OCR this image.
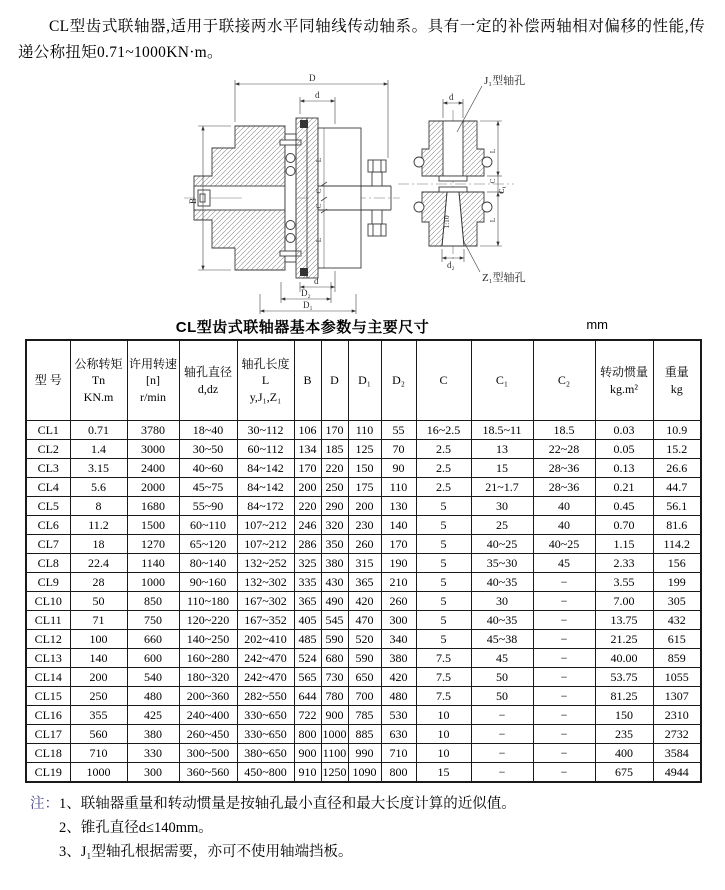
CL型齿式联轴器,适用于联接两水平同轴线传动轴系。具有一定的补偿两轴相对偏移的性能,传递公称扭矩0.71~1000KN·m。
D
d
B
L
C
C
L
d
D₂
D₁
d
d₂
1:10
L
C
C₁
L
J₁型轴孔
Z₁型轴孔
CL型齿式联轴器基本参数与主要尺寸	mm
型 号

公称转矩
Tn
KN.m

许用转速
[n]
r/min

轴孔直径
d,dz

轴孔长度
L
y,J₁,Z₁

B	D	D₁	D₂	C	C₁	C₂

转动惯量
kg.m²

重量
kg

CL1	0.71	3780	18~40	30~112	106	170	110	55	16~2.5	18.5~11	18.5	0.03	10.9
CL2	1.4	3000	30~50	60~112	134	185	125	70	2.5	13	22~28	0.05	15.2
CL3	3.15	2400	40~60	84~142	170	220	150	90	2.5	15	28~36	0.13	26.6
CL4	5.6	2000	45~75	84~142	200	250	175	110	2.5	21~1.7	28~36	0.21	44.7
CL5	8	1680	55~90	84~172	220	290	200	130	5	30	40	0.45	56.1
CL6	11.2	1500	60~110	107~212	246	320	230	140	5	25	40	0.70	81.6
CL7	18	1270	65~120	107~212	286	350	260	170	5	40~25	40~25	1.15	114.2
CL8	22.4	1140	80~140	132~252	325	380	315	190	5	35~30	45	2.33	156
CL9	28	1000	90~160	132~302	335	430	365	210	5	40~35	−	3.55	199
CL10	50	850	110~180	167~302	365	490	420	260	5	30	−	7.00	305
CL11	71	750	120~220	167~352	405	545	470	300	5	40~35	−	13.75	432
CL12	100	660	140~250	202~410	485	590	520	340	5	45~38	−	21.25	615
CL13	140	600	160~280	242~470	524	680	590	380	7.5	45	−	40.00	859
CL14	200	540	180~320	242~470	565	730	650	420	7.5	50	−	53.75	1055
CL15	250	480	200~360	282~550	644	780	700	480	7.5	50	−	81.25	1307
CL16	355	425	240~400	330~650	722	900	785	530	10	−	−	150	2310
CL17	560	380	260~450	330~650	800	1000	885	630	10	−	−	235	2732
CL18	710	330	300~500	380~650	900	1100	990	710	10	−	−	400	3584
CL19	1000	300	360~560	450~800	910	1250	1090	800	15	−	−	675	4944
注：1、联轴器重量和转动惯量是按轴孔最小直径和最大长度计算的近似值。
2、锥孔直径d≤140mm。
3、J₁型轴孔根据需要，亦可不使用轴端挡板。
